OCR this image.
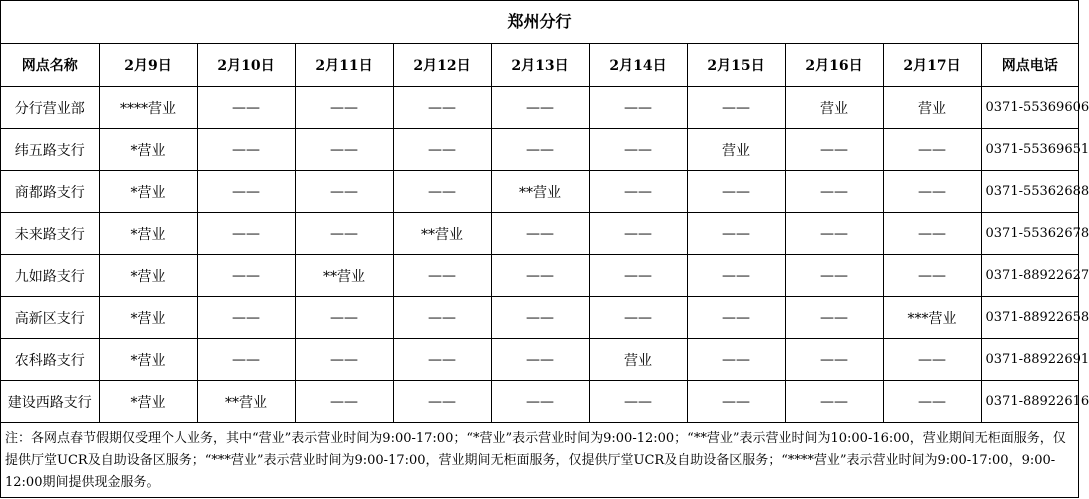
郑州分行
网点名称	2月9日	2月10日	2月11日	2月12日	2月13日	2月14日	2月15日	2月16日	2月17日	网点电话
分行营业部	****营业	——	——	——	——	——	——	营业	营业	0371-55369606
纬五路支行	*营业	——	——	——	——	——	营业	——	——	0371-55369651
商都路支行	*营业	——	——	——	**营业	——	——	——	——	0371-55362688
未来路支行	*营业	——	——	**营业	——	——	——	——	——	0371-55362678
九如路支行	*营业	——	**营业	——	——	——	——	——	——	0371-88922627
高新区支行	*营业	——	——	——	——	——	——	——	***营业	0371-88922658
农科路支行	*营业	——	——	——	——	营业	——	——	——	0371-88922691
建设西路支行	*营业	**营业	——	——	——	——	——	——	——	0371-88922616
注：各网点春节假期仅受理个人业务，其中“营业”表示营业时间为9:00-17:00；“*营业”表示营业时间为9:00-12:00；“**营业”表示营业时间为10:00-16:00，营业期间无柜面服务，仅提供厅堂UCR及自助设备区服务；“***营业”表示营业时间为9:00-17:00，营业期间无柜面服务，仅提供厅堂UCR及自助设备区服务；“****营业”表示营业时间为9:00-17:00，9:00-12:00期间提供现金服务。
